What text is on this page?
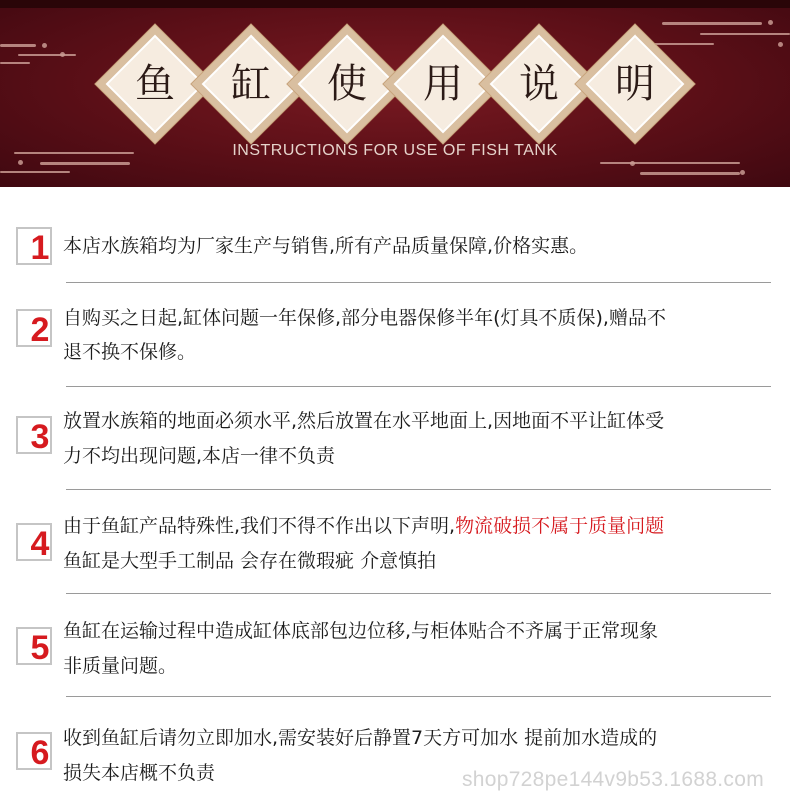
鱼	缸	使	用	说	明
INSTRUCTIONS FOR USE OF FISH TANK
1 本店水族箱均为厂家生产与销售,所有产品质量保障,价格实惠。
2 自购买之日起,缸体问题一年保修,部分电器保修半年(灯具不质保),赠品不
退不换不保修。
3 放置水族箱的地面必须水平,然后放置在水平地面上,因地面不平让缸体受
力不均出现问题,本店一律不负责
4 由于鱼缸产品特殊性,我们不得不作出以下声明,物流破损不属于质量问题
鱼缸是大型手工制品 会存在微瑕疵 介意慎拍
5 鱼缸在运输过程中造成缸体底部包边位移,与柜体贴合不齐属于正常现象
非质量问题。
6 收到鱼缸后请勿立即加水,需安装好后静置7天方可加水 提前加水造成的
损失本店概不负责	shop728pe144v9b53.1688.com
